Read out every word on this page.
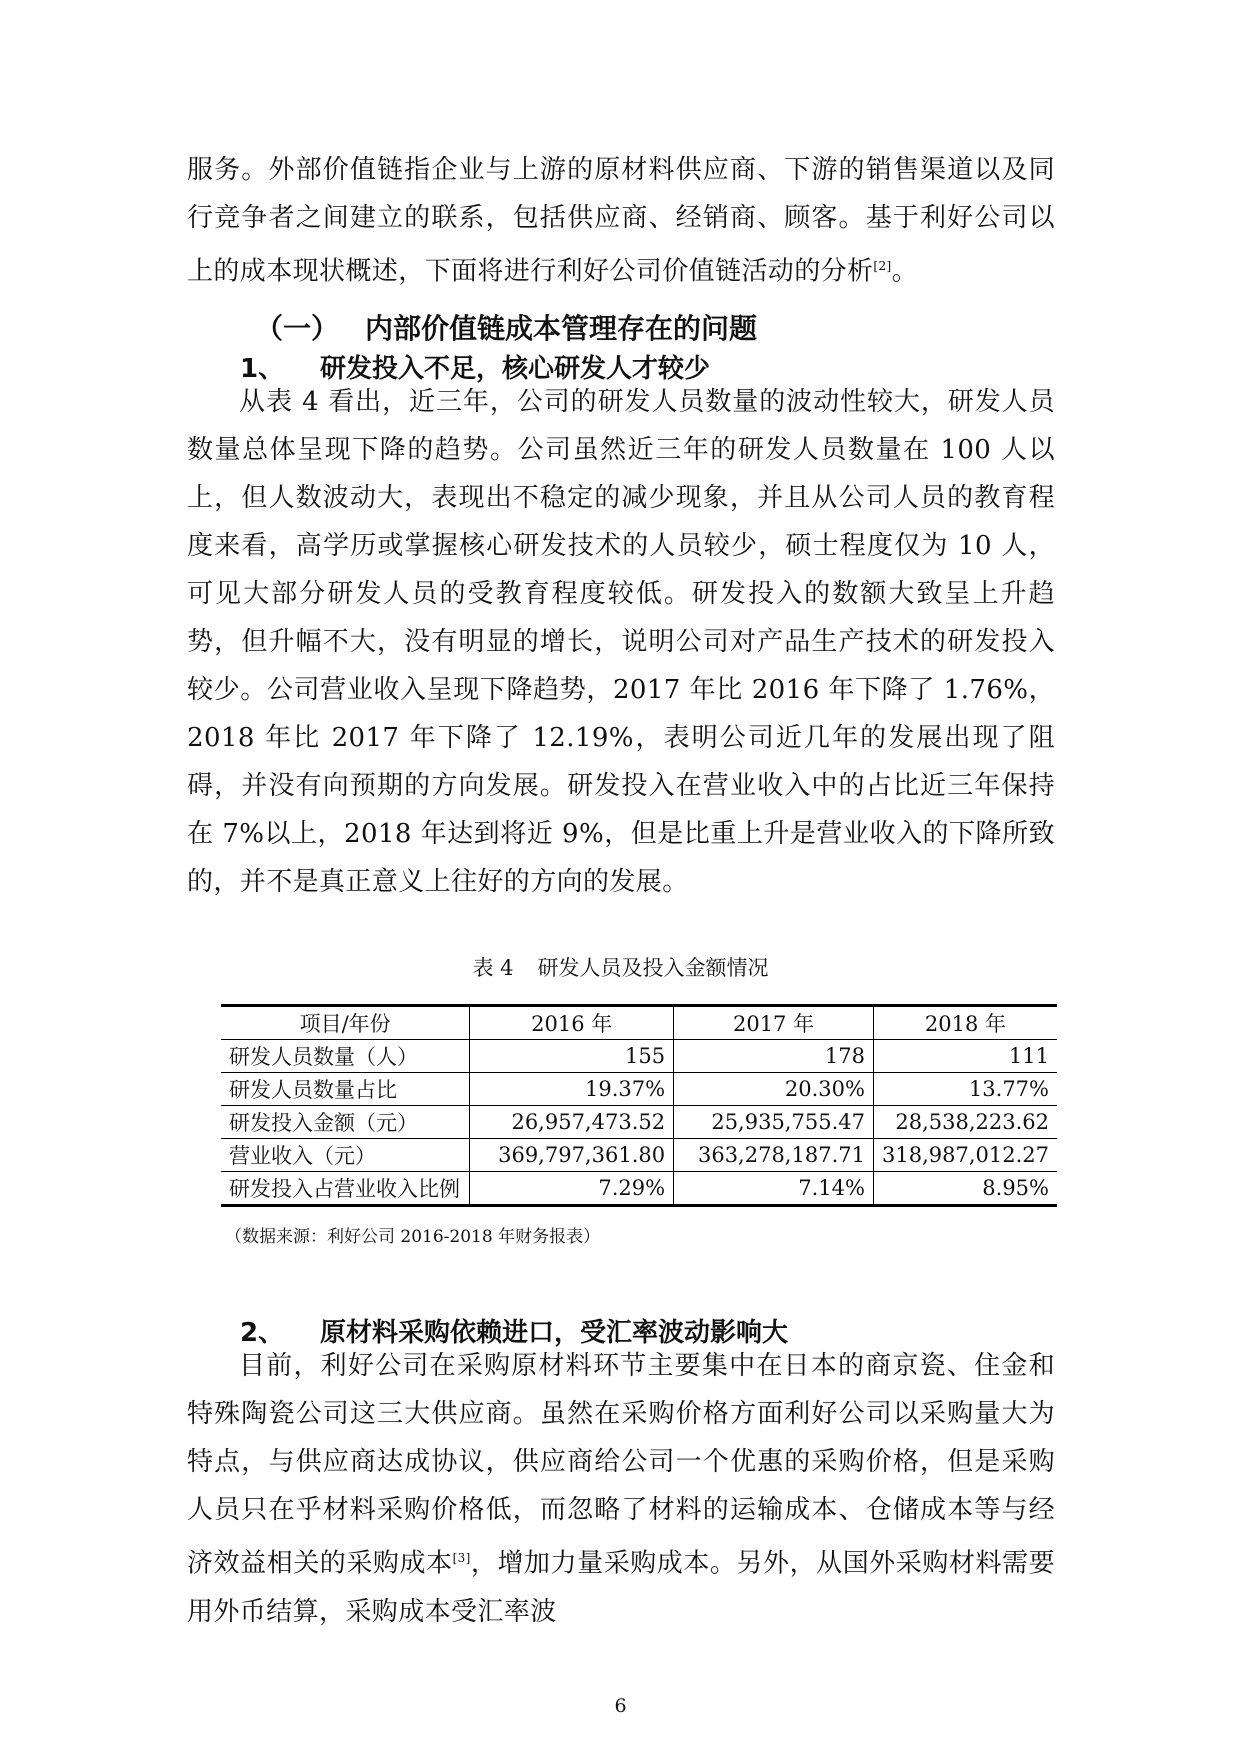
服务。外部价值链指企业与上游的原材料供应商、下游的销售渠道以及同行竞争者之间建立的联系，包括供应商、经销商、顾客。基于利好公司以上的成本现状概述，下面将进行利好公司价值链活动的分析[2]。

（一） 内部价值链成本管理存在的问题
1、 研发投入不足，核心研发人才较少

从表 4 看出，近三年，公司的研发人员数量的波动性较大，研发人员数量总体呈现下降的趋势。公司虽然近三年的研发人员数量在 100 人以上，但人数波动大，表现出不稳定的减少现象，并且从公司人员的教育程度来看，高学历或掌握核心研发技术的人员较少，硕士程度仅为 10 人，可见大部分研发人员的受教育程度较低。研发投入的数额大致呈上升趋势，但升幅不大，没有明显的增长，说明公司对产品生产技术的研发投入较少。公司营业收入呈现下降趋势，2017 年比 2016 年下降了 1.76%，2018 年比 2017 年下降了 12.19%，表明公司近几年的发展出现了阻碍，并没有向预期的方向发展。研发投入在营业收入中的占比近三年保持在 7%以上，2018 年达到将近 9%，但是比重上升是营业收入的下降所致的，并不是真正意义上往好的方向的发展。

表 4 研发人员及投入金额情况
项目/年份	2016 年	2017 年	2018 年
研发人员数量（人）	155	178	111
研发人员数量占比	19.37%	20.30%	13.77%
研发投入金额（元）	26,957,473.52	25,935,755.47	28,538,223.62
营业收入（元）	369,797,361.80	363,278,187.71	318,987,012.27
研发投入占营业收入比例	7.29%	7.14%	8.95%
（数据来源：利好公司 2016-2018 年财务报表）
2、 原材料采购依赖进口，受汇率波动影响大

目前，利好公司在采购原材料环节主要集中在日本的商京瓷、住金和特殊陶瓷公司这三大供应商。虽然在采购价格方面利好公司以采购量大为特点，与供应商达成协议，供应商给公司一个优惠的采购价格，但是采购人员只在乎材料采购价格低，而忽略了材料的运输成本、仓储成本等与经济效益相关的采购成本[3]，增加力量采购成本。另外，从国外采购材料需要用外币结算，采购成本受汇率波

6
